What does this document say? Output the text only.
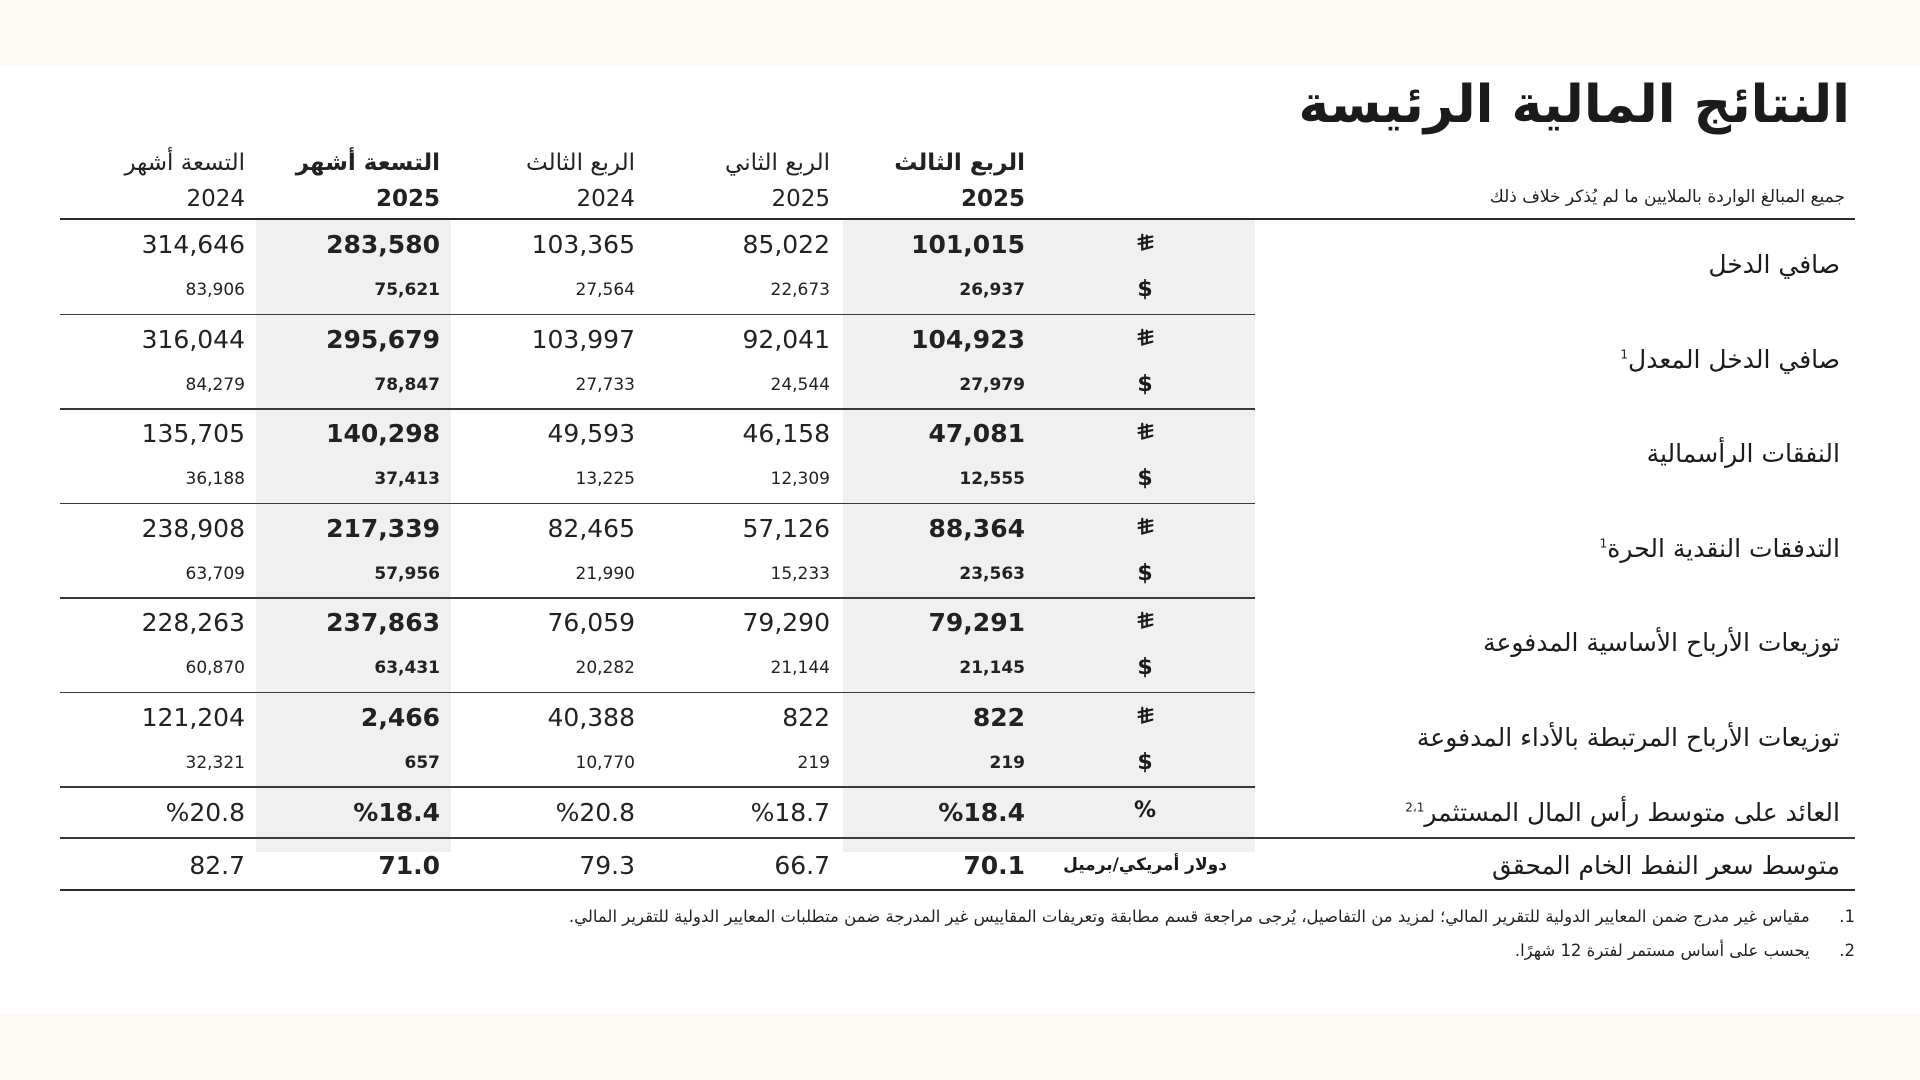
النتائج المالية الرئيسة
جميع المبالغ الواردة بالملايين ما لم يُذكر خلاف ذلك
الربع الثالث
2025
الربع الثاني
2025
الربع الثالث
2024
التسعة أشهر
2025
التسعة أشهر
2024
صافي الدخل
$
101,015
26,937
85,022
22,673
103,365
27,564
283,580
75,621
314,646
83,906
صافي الدخل المعدل$^1$
$
104,923
27,979
92,041
24,544
103,997
27,733
295,679
78,847
316,044
84,279
النفقات الرأسمالية
$
47,081
12,555
46,158
12,309
49,593
13,225
140,298
37,413
135,705
36,188
التدفقات النقدية الحرة$^1$
$
88,364
23,563
57,126
15,233
82,465
21,990
217,339
57,956
238,908
63,709
توزيعات الأرباح الأساسية المدفوعة
$
79,291
21,145
79,290
21,144
76,059
20,282
237,863
63,431
228,263
60,870
توزيعات الأرباح المرتبطة بالأداء المدفوعة
$
822
219
822
219
40,388
10,770
2,466
657
121,204
32,321
العائد على متوسط رأس المال المستثمر$^{2،1}$
%
%18.4
%18.7
%20.8
%18.4
%20.8
متوسط سعر النفط الخام المحقق
دولار أمريكي/برميل
70.1
66.7
79.3
71.0
82.7
1. مقياس غير مدرج ضمن المعايير الدولية للتقرير المالي؛ لمزيد من التفاصيل، يُرجى مراجعة قسم مطابقة وتعريفات المقاييس غير المدرجة ضمن متطلبات المعايير الدولية للتقرير المالي.
2. يحسب على أساس مستمر لفترة 12 شهرًا.
